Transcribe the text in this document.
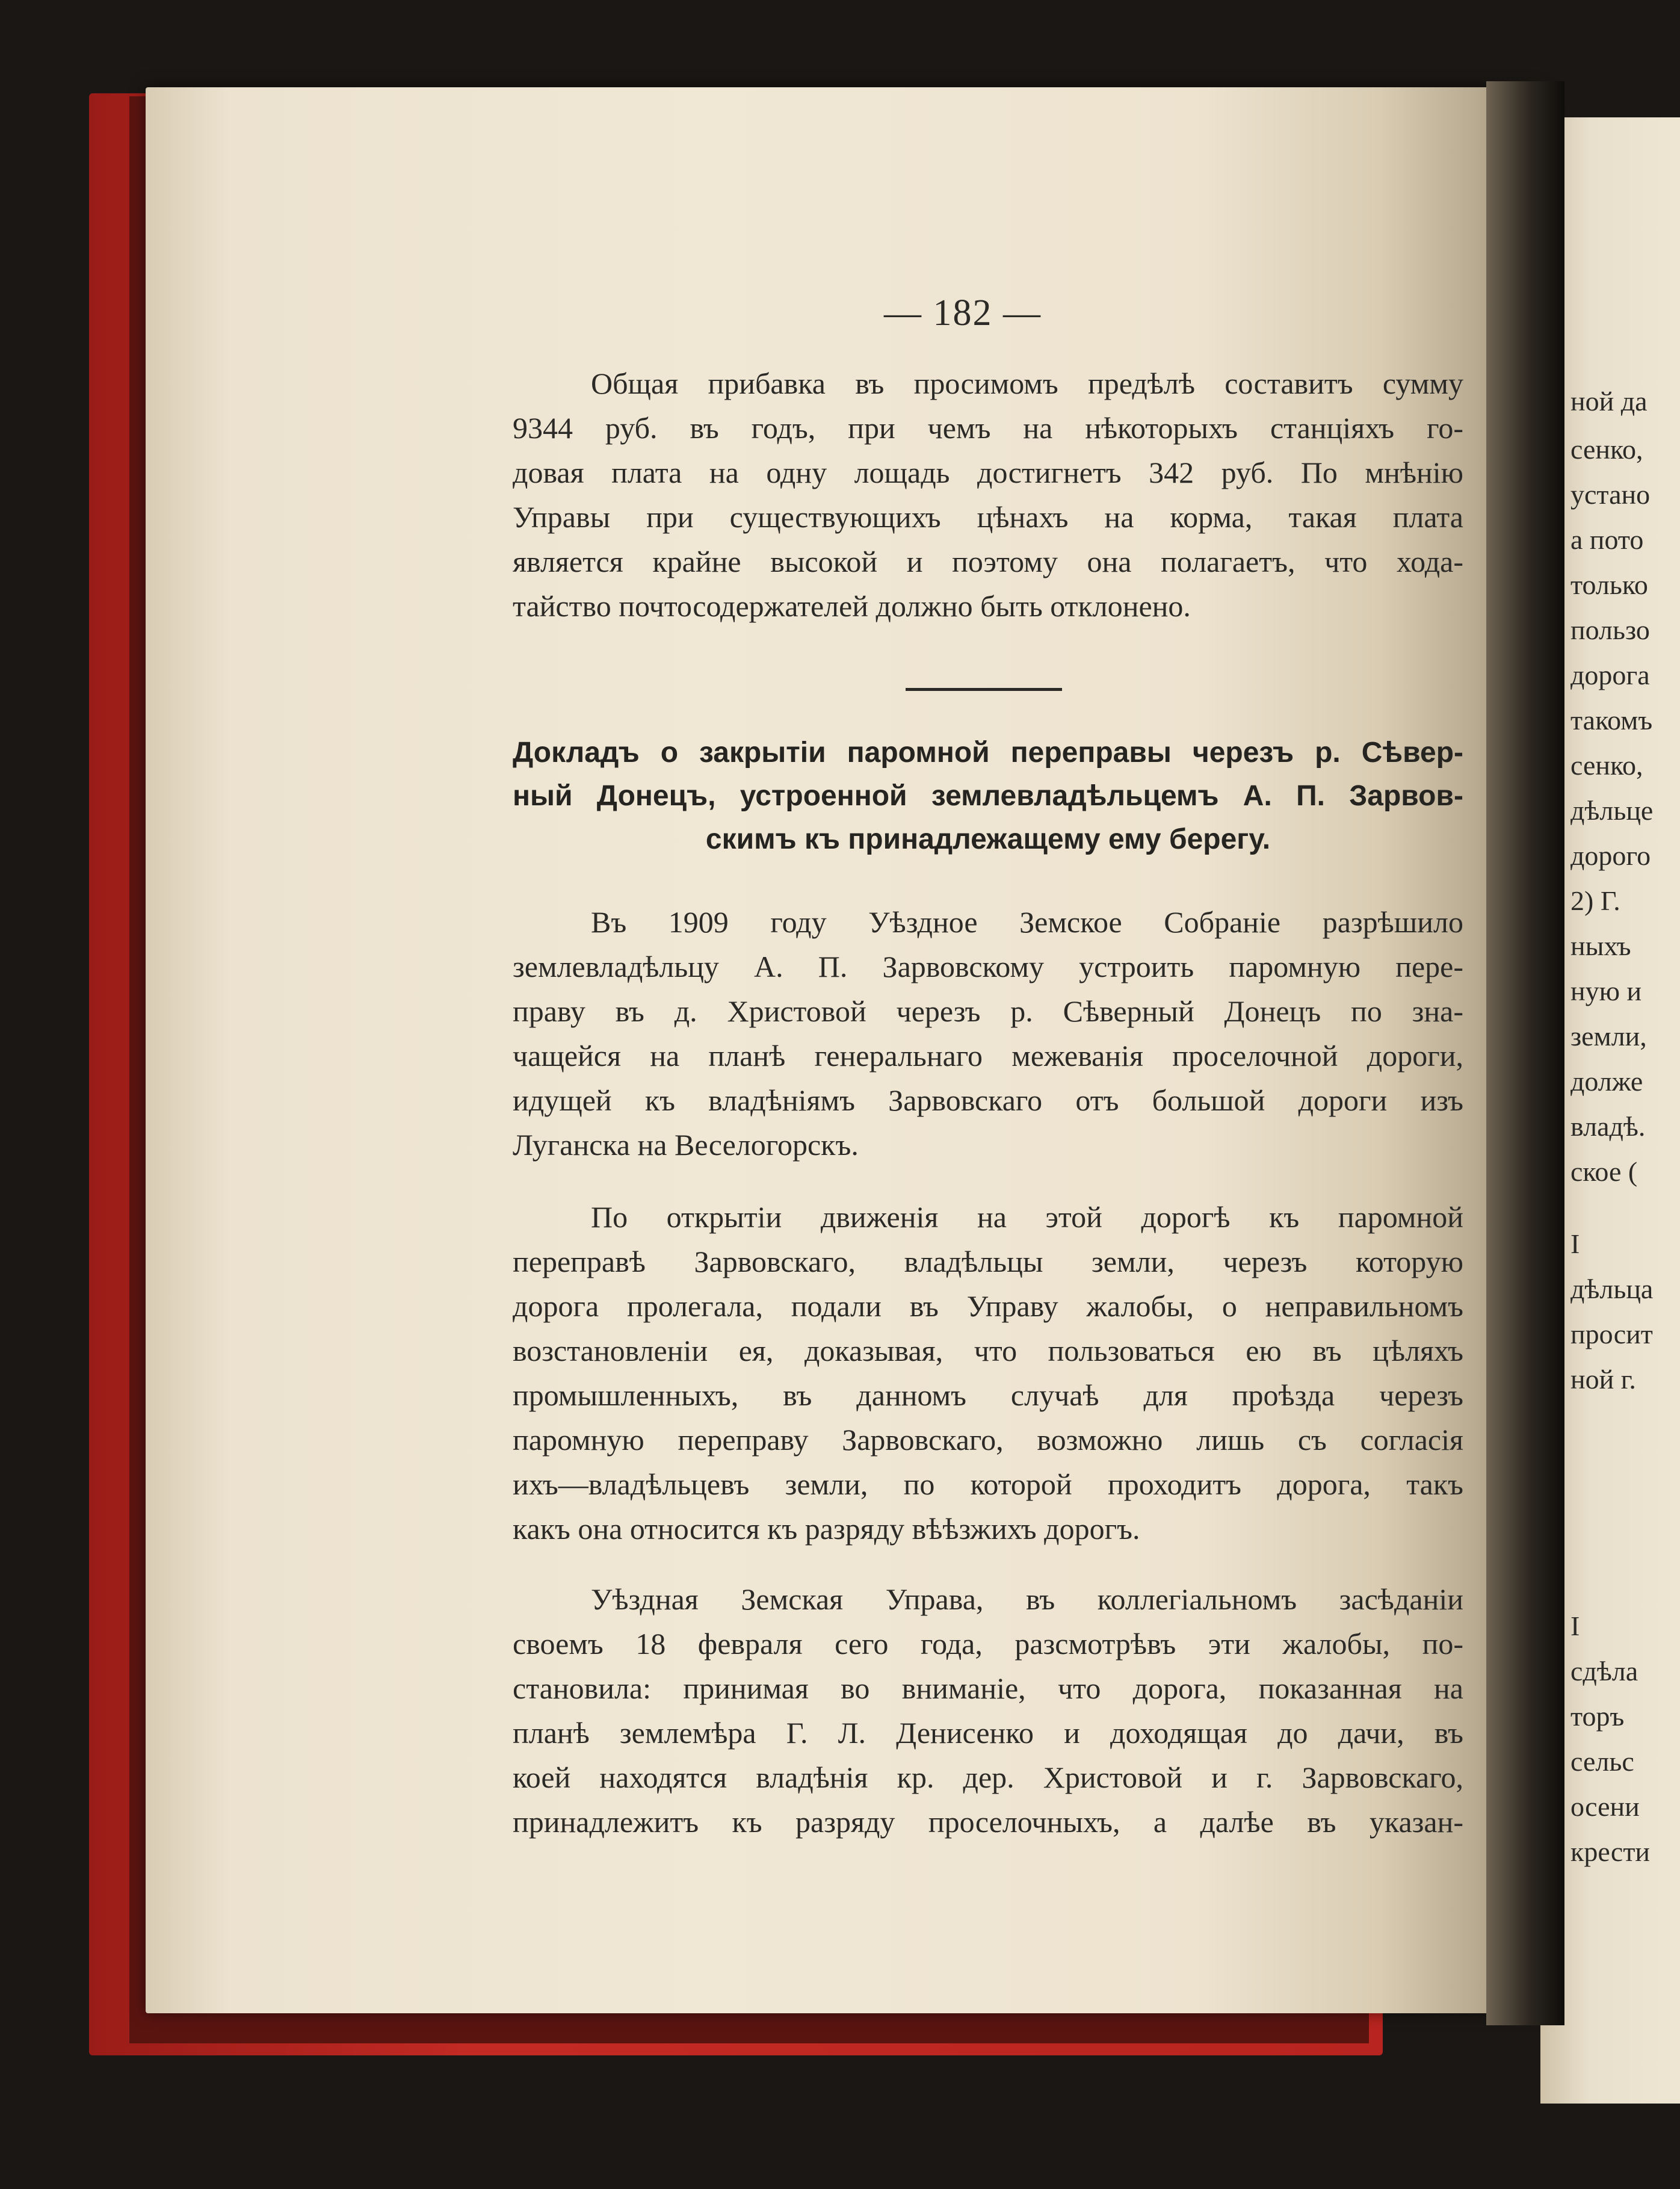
— 182 —
Общая прибавка въ просимомъ предѣлѣ составитъ сумму
9344 руб. въ годъ, при чемъ на нѣкоторыхъ станціяхъ го-
довая плата на одну лощадь достигнетъ 342 руб. По мнѣнію
Управы при существующихъ цѣнахъ на корма, такая плата
является крайне высокой и поэтому она полагаетъ, что хода-
тайство почтосодержателей должно быть отклонено.
Докладъ о закрытіи паромной переправы черезъ р. Сѣвер-
ный Донецъ, устроенной землевладѣльцемъ А. П. Зарвов-
скимъ къ принадлежащему ему берегу.
Въ 1909 году Уѣздное Земское Собраніе разрѣшило
землевладѣльцу А. П. Зарвовскому устроить паромную пере-
праву въ д. Христовой черезъ р. Сѣверный Донецъ по зна-
чащейся на планѣ генеральнаго межеванія проселочной дороги,
идущей къ владѣніямъ Зарвовскаго отъ большой дороги изъ
Луганска на Веселогорскъ.
По открытіи движенія на этой дорогѣ къ паромной
переправѣ Зарвовскаго, владѣльцы земли, черезъ которую
дорога пролегала, подали въ Управу жалобы, о неправильномъ
возстановленіи ея, доказывая, что пользоваться ею въ цѣляхъ
промышленныхъ, въ данномъ случаѣ для проѣзда черезъ
паромную переправу Зарвовскаго, возможно лишь съ согласія
ихъ—владѣльцевъ земли, по которой проходитъ дорога, такъ
какъ она относится къ разряду вѣѣзжихъ дорогъ.
Уѣздная Земская Управа, въ коллегіальномъ засѣданіи
своемъ 18 февраля сего года, разсмотрѣвъ эти жалобы, по-
становила: принимая во вниманіе, что дорога, показанная на
планѣ землемѣра Г. Л. Денисенко и доходящая до дачи, въ
коей находятся владѣнія кр. дер. Христовой и г. Зарвовскаго,
принадлежитъ къ разряду проселочныхъ, а далѣе въ указан-
ной да
сенко,
устано
а пото
только
пользо
дорога
такомъ
сенко,
дѣльце
дорого
2) Г.
ныхъ
ную и
земли,
долже
владѣ.
ское (
І
дѣльца
просит
ной г.
І
сдѣла
торъ
сельс
осени
крести
